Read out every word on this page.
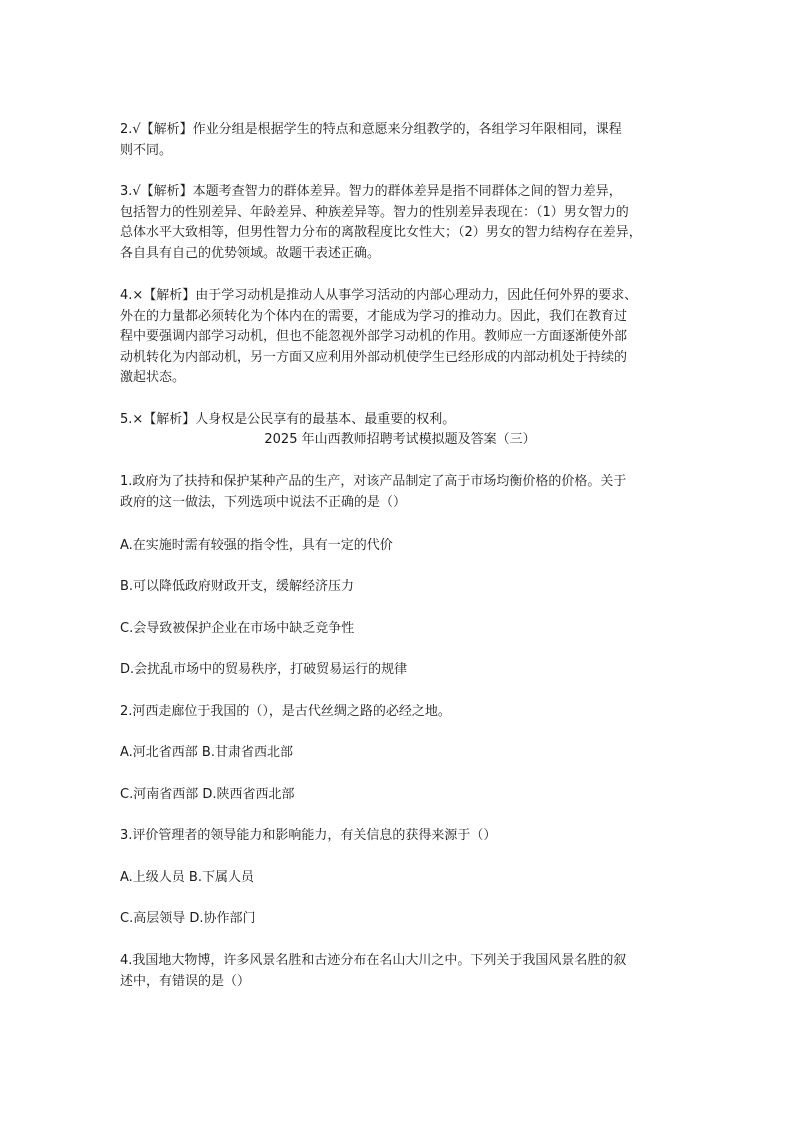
2.√【解析】作业分组是根据学生的特点和意愿来分组教学的，各组学习年限相同，课程
则不同。

3.√【解析】本题考查智力的群体差异。智力的群体差异是指不同群体之间的智力差异，
包括智力的性别差异、年龄差异、种族差异等。智力的性别差异表现在：（1）男女智力的
总体水平大致相等，但男性智力分布的离散程度比女性大；（2）男女的智力结构存在差异，
各自具有自己的优势领域。故题干表述正确。

4.×【解析】由于学习动机是推动人从事学习活动的内部心理动力，因此任何外界的要求、
外在的力量都必须转化为个体内在的需要，才能成为学习的推动力。因此，我们在教育过
程中要强调内部学习动机，但也不能忽视外部学习动机的作用。教师应一方面逐渐使外部
动机转化为内部动机，另一方面又应利用外部动机使学生已经形成的内部动机处于持续的
激起状态。

5.×【解析】人身权是公民享有的最基本、最重要的权利。

2025 年山西教师招聘考试模拟题及答案（三）

1.政府为了扶持和保护某种产品的生产，对该产品制定了高于市场均衡价格的价格。关于
政府的这一做法，下列选项中说法不正确的是（）

A.在实施时需有较强的指令性，具有一定的代价

B.可以降低政府财政开支，缓解经济压力

C.会导致被保护企业在市场中缺乏竞争性

D.会扰乱市场中的贸易秩序，打破贸易运行的规律

2.河西走廊位于我国的（），是古代丝绸之路的必经之地。

A.河北省西部 B.甘肃省西北部

C.河南省西部 D.陕西省西北部

3.评价管理者的领导能力和影响能力，有关信息的获得来源于（）

A.上级人员 B.下属人员

C.高层领导 D.协作部门

4.我国地大物博，许多风景名胜和古迹分布在名山大川之中。下列关于我国风景名胜的叙
述中，有错误的是（）
